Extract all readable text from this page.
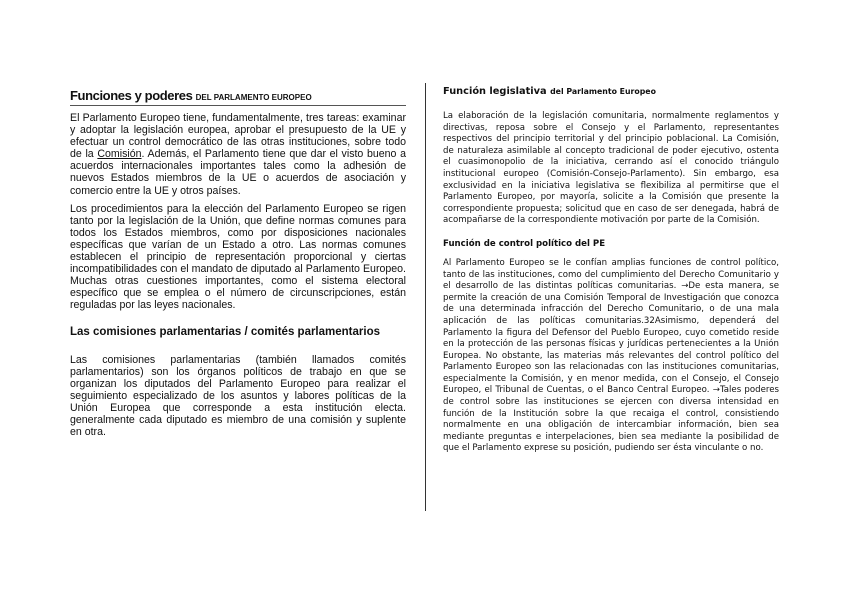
Funciones y poderes DEL PARLAMENTO EUROPEO

El Parlamento Europeo tiene, fundamentalmente, tres tareas: examinar y adoptar la legislación europea, aprobar el presupuesto de la UE y efectuar un control democrático de las otras instituciones, sobre todo de la Comisión. Además, el Parlamento tiene que dar el visto bueno a acuerdos internacionales importantes tales como la adhesión de nuevos Estados miembros de la UE o acuerdos de asociación y comercio entre la UE y otros países.

Los procedimientos para la elección del Parlamento Europeo se rigen tanto por la legislación de la Unión, que define normas comunes para todos los Estados miembros, como por disposiciones nacionales específicas que varían de un Estado a otro. Las normas comunes establecen el principio de representación proporcional y ciertas incompatibilidades con el mandato de diputado al Parlamento Europeo. Muchas otras cuestiones importantes, como el sistema electoral específico que se emplea o el número de circunscripciones, están reguladas por las leyes nacionales.

Las comisiones parlamentarias / comités parlamentarios

Las comisiones parlamentarias (también llamados comités parlamentarios) son los órganos políticos de trabajo en que se organizan los diputados del Parlamento Europeo para realizar el seguimiento especializado de los asuntos y labores políticas de la Unión Europea que corresponde a esta institución electa. generalmente cada diputado es miembro de una comisión y suplente en otra.

Función legislativa del Parlamento Europeo

La elaboración de la legislación comunitaria, normalmente reglamentos y directivas, reposa sobre el Consejo y el Parlamento, representantes respectivos del principio territorial y del principio poblacional. La Comisión, de naturaleza asimilable al concepto tradicional de poder ejecutivo, ostenta el cuasimonopolio de la iniciativa, cerrando así el conocido triángulo institucional europeo (Comisión-Consejo-Parlamento). Sin embargo, esa exclusividad en la iniciativa legislativa se flexibiliza al permitirse que el Parlamento Europeo, por mayoría, solicite a la Comisión que presente la correspondiente propuesta; solicitud que en caso de ser denegada, habrá de acompañarse de la correspondiente motivación por parte de la Comisión.

Función de control político del PE

Al Parlamento Europeo se le confían amplias funciones de control político, tanto de las instituciones, como del cumplimiento del Derecho Comunitario y el desarrollo de las distintas políticas comunitarias. →De esta manera, se permite la creación de una Comisión Temporal de Investigación que conozca de una determinada infracción del Derecho Comunitario, o de una mala aplicación de las políticas comunitarias.32Asimismo, dependerá del Parlamento la figura del Defensor del Pueblo Europeo, cuyo cometido reside en la protección de las personas físicas y jurídicas pertenecientes a la Unión Europea. No obstante, las materias más relevantes del control político del Parlamento Europeo son las relacionadas con las instituciones comunitarias, especialmente la Comisión, y en menor medida, con el Consejo, el Consejo Europeo, el Tribunal de Cuentas, o el Banco Central Europeo. →Tales poderes de control sobre las instituciones se ejercen con diversa intensidad en función de la Institución sobre la que recaiga el control, consistiendo normalmente en una obligación de intercambiar información, bien sea mediante preguntas e interpelaciones, bien sea mediante la posibilidad de que el Parlamento exprese su posición, pudiendo ser ésta vinculante o no.
